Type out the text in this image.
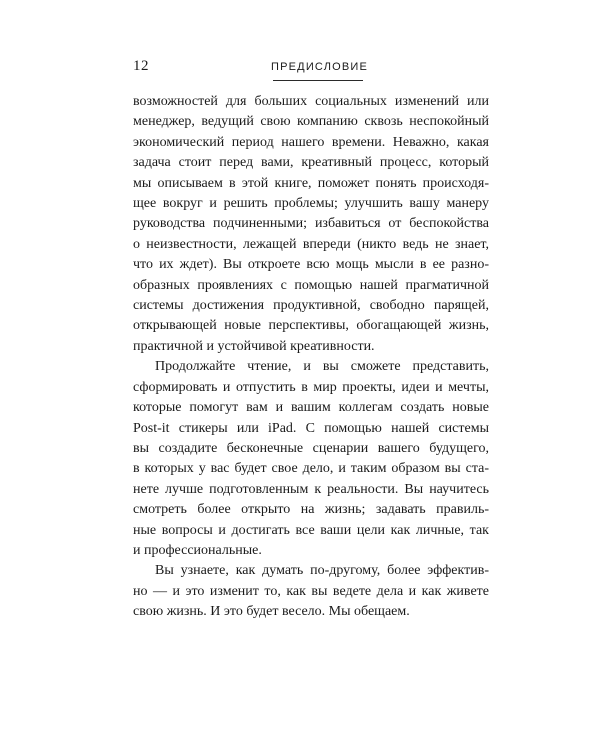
12	ПРЕДИСЛОВИЕ
возможностей для больших социальных изменений или
менеджер, ведущий свою компанию сквозь неспокойный
экономический период нашего времени. Неважно, какая
задача стоит перед вами, креативный процесс, который
мы описываем в этой книге, поможет понять происходя-
щее вокруг и решить проблемы; улучшить вашу манеру
руководства подчиненными; избавиться от беспокойства
о неизвестности, лежащей впереди (никто ведь не знает,
что их ждет). Вы откроете всю мощь мысли в ее разно-
образных проявлениях с помощью нашей прагматичной
системы достижения продуктивной, свободно парящей,
открывающей новые перспективы, обогащающей жизнь,
практичной и устойчивой креативности.
Продолжайте чтение, и вы сможете представить,
сформировать и отпустить в мир проекты, идеи и мечты,
которые помогут вам и вашим коллегам создать новые
Post-it стикеры или iPad. С помощью нашей системы
вы создадите бесконечные сценарии вашего будущего,
в которых у вас будет свое дело, и таким образом вы ста-
нете лучше подготовленным к реальности. Вы научитесь
смотреть более открыто на жизнь; задавать правиль-
ные вопросы и достигать все ваши цели как личные, так
и профессиональные.
Вы узнаете, как думать по-другому, более эффектив-
но — и это изменит то, как вы ведете дела и как живете
свою жизнь. И это будет весело. Мы обещаем.
